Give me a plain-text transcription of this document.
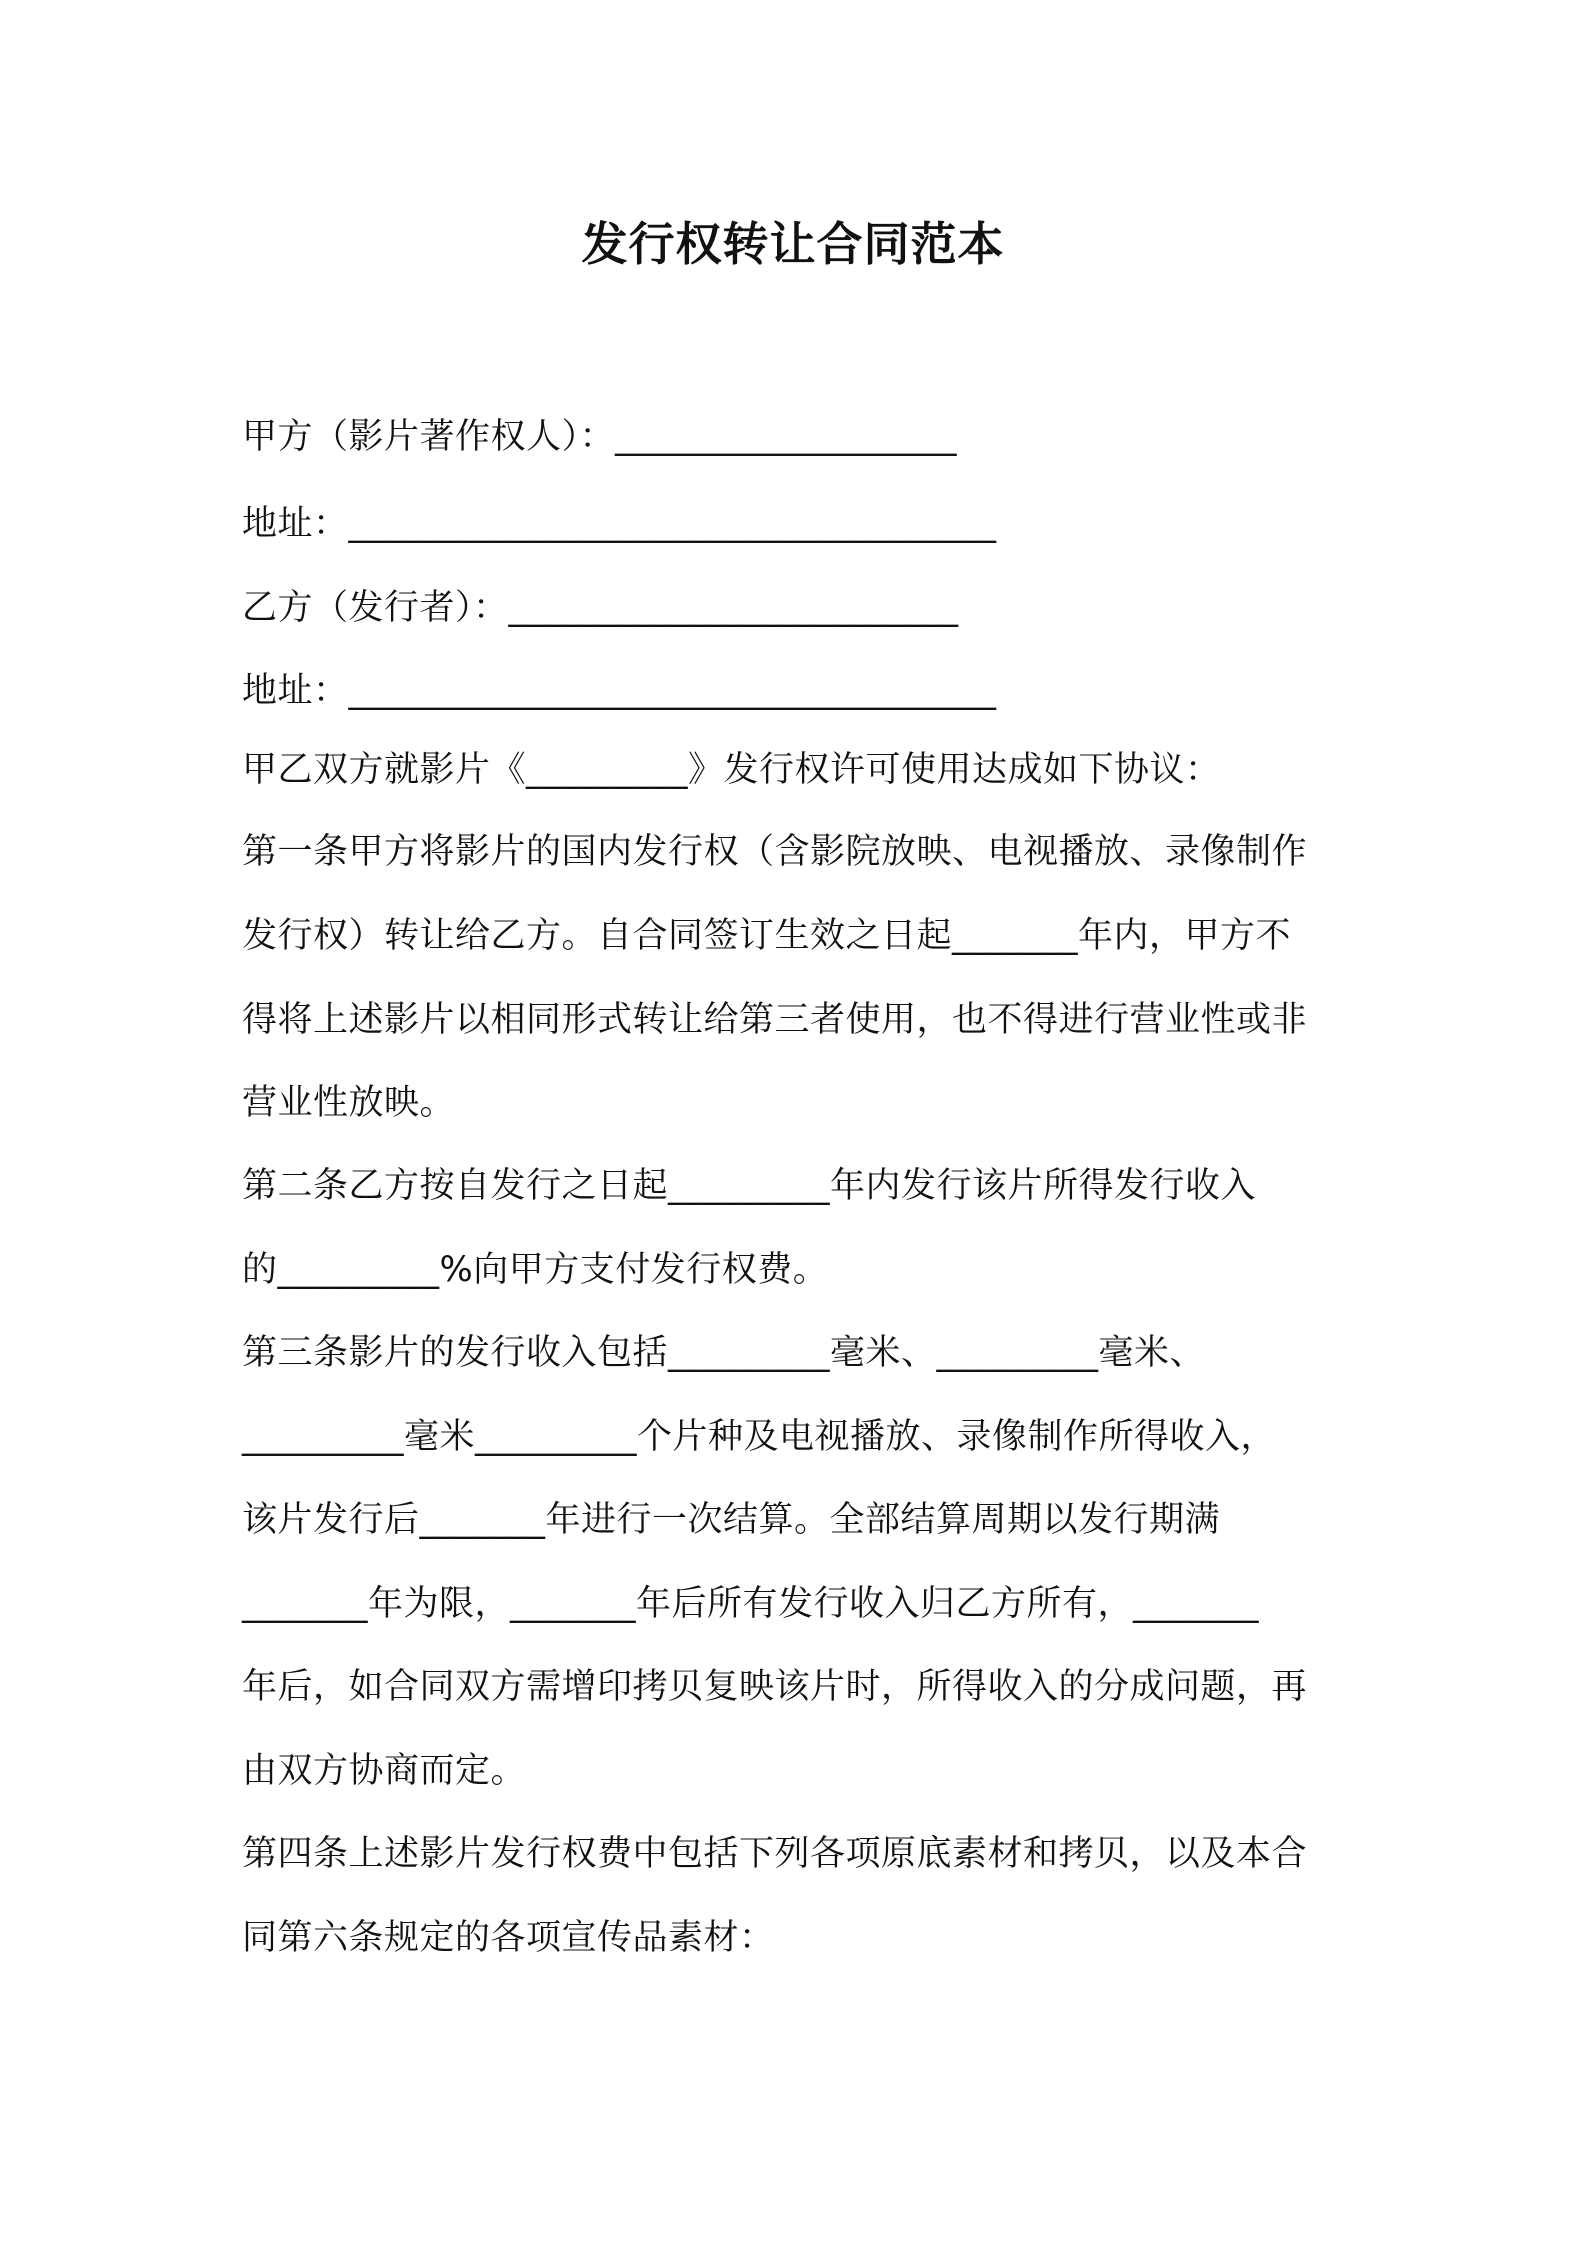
发行权转让合同范本
甲方（影片著作权人）：___________________
地址：____________________________________
乙方（发行者）：_________________________
地址：____________________________________
甲乙双方就影片《_________》发行权许可使用达成如下协议：
第一条甲方将影片的国内发行权（含影院放映、电视播放、录像制作
发行权）转让给乙方。自合同签订生效之日起_______年内，甲方不
得将上述影片以相同形式转让给第三者使用，也不得进行营业性或非
营业性放映。
第二条乙方按自发行之日起_________年内发行该片所得发行收入
的_________%向甲方支付发行权费。
第三条影片的发行收入包括_________毫米、_________毫米、
_________毫米_________个片种及电视播放、录像制作所得收入，
该片发行后_______年进行一次结算。全部结算周期以发行期满
_______年为限，_______年后所有发行收入归乙方所有，_______
年后，如合同双方需增印拷贝复映该片时，所得收入的分成问题，再
由双方协商而定。
第四条上述影片发行权费中包括下列各项原底素材和拷贝，以及本合
同第六条规定的各项宣传品素材：
